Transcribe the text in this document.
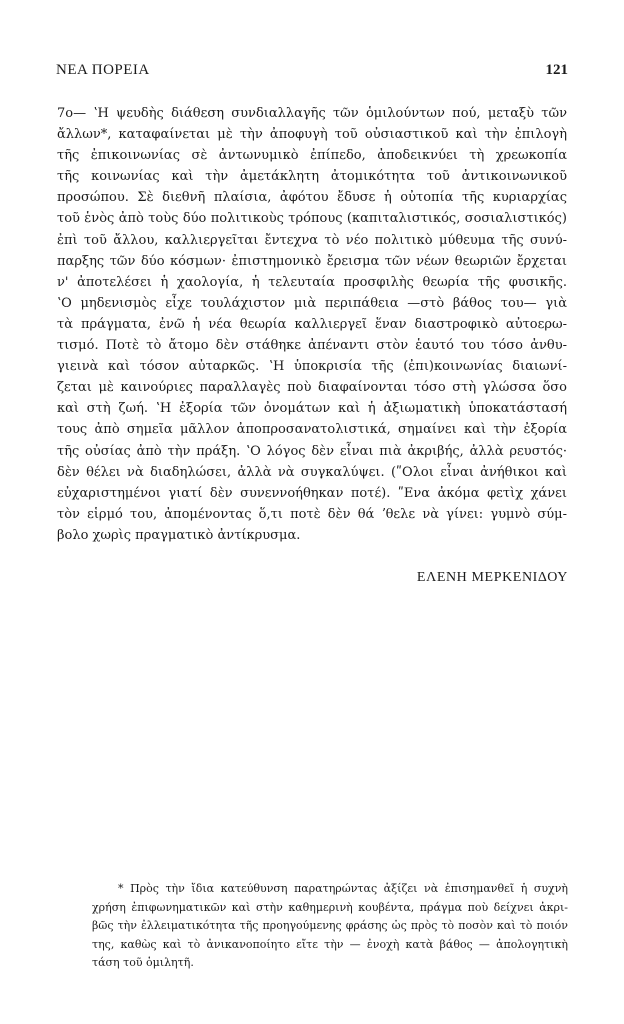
ΝΕΑ ΠΟΡΕΙΑ	121
7ο— ʽΗ ψευδὴς διάθεση συνδιαλλαγῆς τῶν ὁμιλούντων πού, μεταξὺ τῶν
ἄλλων*, καταφαίνεται μὲ τὴν ἀποφυγὴ τοῦ οὐσιαστικοῦ καὶ τὴν ἐπιλογὴ
τῆς ἐπικοινωνίας σὲ ἀντωνυμικὸ ἐπίπεδο, ἀποδεικνύει τὴ χρεωκοπία
τῆς κοινωνίας καὶ τὴν ἀμετάκλητη ἀτομικότητα τοῦ ἀντικοινωνικοῦ
προσώπου. Σὲ διεθνῆ πλαίσια, ἀφότου ἔδυσε ἡ οὐτοπία τῆς κυριαρχίας
τοῦ ἑνὸς ἀπὸ τοὺς δύο πολιτικοὺς τρόπους (καπιταλιστικός, σοσιαλιστικός)
ἐπὶ τοῦ ἄλλου, καλλιεργεῖται ἔντεχνα τὸ νέο πολιτικὸ μύθευμα τῆς συνύ-
παρξης τῶν δύο κόσμων· ἐπιστημονικὸ ἔρεισμα τῶν νέων θεωριῶν ἔρχεται
ν' ἀποτελέσει ἡ χαολογία, ἡ τελευταία προσφιλὴς θεωρία τῆς φυσικῆς.
ʽΟ μηδενισμὸς εἶχε τουλάχιστον μιὰ περιπάθεια —στὸ βάθος του— γιὰ
τὰ πράγματα, ἐνῶ ἡ νέα θεωρία καλλιεργεῖ ἕναν διαστροφικὸ αὐτοερω-
τισμό. Ποτὲ τὸ ἄτομο δὲν στάθηκε ἀπέναντι στὸν ἑαυτό του τόσο ἀνθυ-
γιεινὰ καὶ τόσον αὐταρκῶς. ʽΗ ὑποκρισία τῆς (ἐπι)κοινωνίας διαιωνί-
ζεται μὲ καινούριες παραλλαγὲς ποὺ διαφαίνονται τόσο στὴ γλώσσα ὅσο
καὶ στὴ ζωή. ʽΗ ἐξορία τῶν ὀνομάτων καὶ ἡ ἀξιωματικὴ ὑποκατάστασή
τους ἀπὸ σημεῖα μᾶλλον ἀποπροσανατολιστικά, σημαίνει καὶ τὴν ἐξορία
τῆς οὐσίας ἀπὸ τὴν πράξη. ʽΟ λόγος δὲν εἶναι πιὰ ἀκριβής, ἀλλὰ ρευστός·
δὲν θέλει νὰ διαδηλώσει, ἀλλὰ νὰ συγκαλύψει. (ʺΟλοι εἶναι ἀνήθικοι καὶ
εὐχαριστημένοι γιατί δὲν συνεννοήθηκαν ποτέ). ʺΕνα ἀκόμα φετὶχ χάνει
τὸν εἱρμό του, ἀπομένοντας ὅ,τι ποτὲ δὲν θά ʼθελε νὰ γίνει: γυμνὸ σύμ-
βολο χωρὶς πραγματικὸ ἀντίκρυσμα.
ΕΛΕΝΗ ΜΕΡΚΕΝΙΔΟΥ
* Πρὸς τὴν ἴδια κατεύθυνση παρατηρώντας ἀξίζει νὰ ἐπισημανθεῖ ἡ συχνὴ
χρήση ἐπιφωνηματικῶν καὶ στὴν καθημερινὴ κουβέντα, πράγμα ποὺ δείχνει ἀκρι-
βῶς τὴν ἐλλειματικότητα τῆς προηγούμενης φράσης ὡς πρὸς τὸ ποσὸν καὶ τὸ ποιόν
της, καθὼς καὶ τὸ ἀνικανοποίητο εἴτε τὴν — ἐνοχὴ κατὰ βάθος — ἀπολογητικὴ
τάση τοῦ ὁμιλητῆ.
